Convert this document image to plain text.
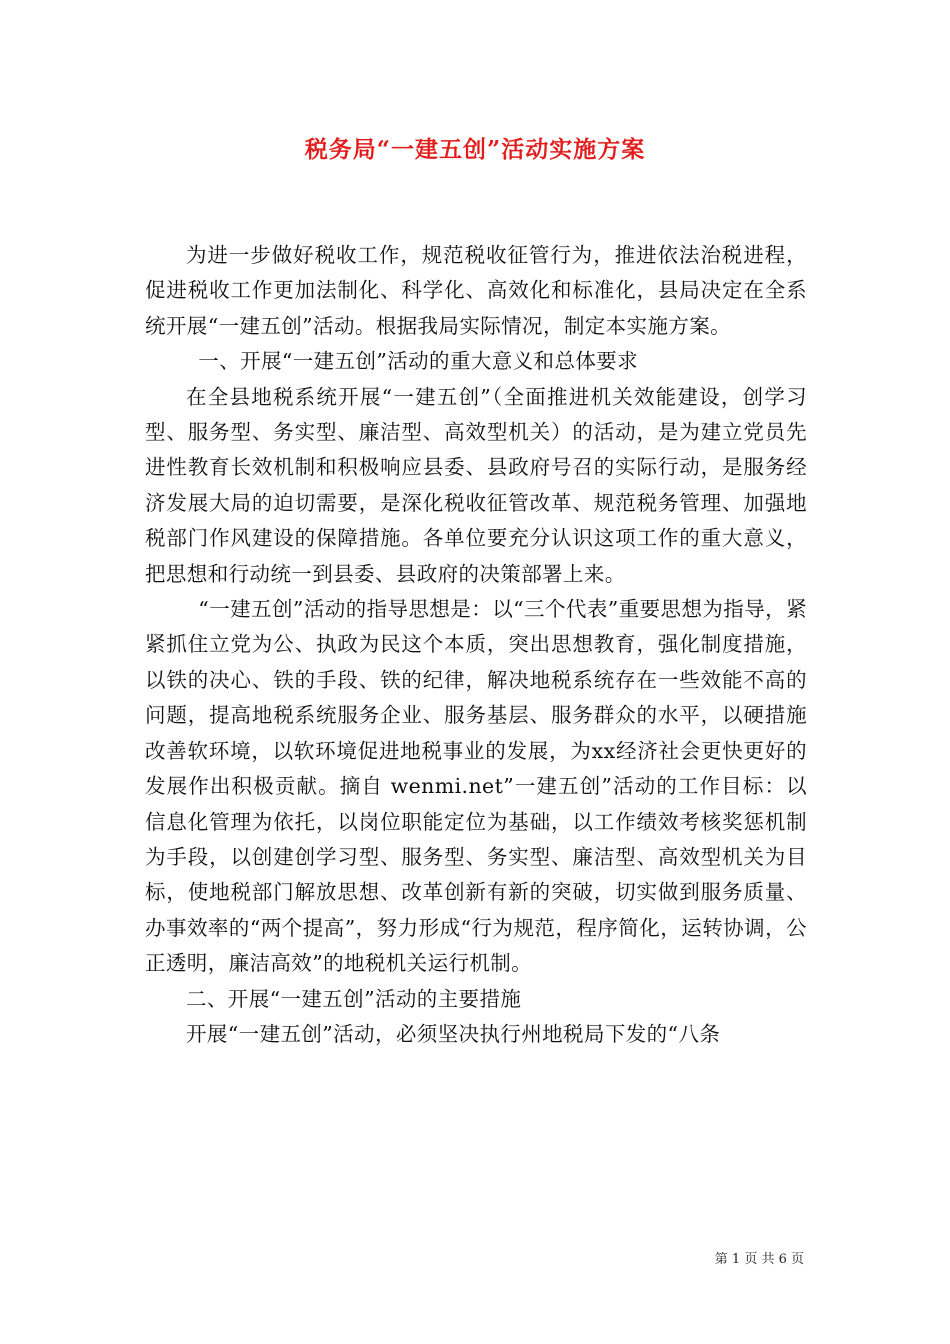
税务局“一建五创”活动实施方案

为进一步做好税收工作，规范税收征管行为，推进依法治税进程，促进税收工作更加法制化、科学化、高效化和标准化，县局决定在全系统开展“一建五创”活动。根据我局实际情况，制定本实施方案。

一、开展“一建五创”活动的重大意义和总体要求

在全县地税系统开展“一建五创”（全面推进机关效能建设，创学习型、服务型、务实型、廉洁型、高效型机关）的活动，是为建立党员先进性教育长效机制和积极响应县委、县政府号召的实际行动，是服务经济发展大局的迫切需要，是深化税收征管改革、规范税务管理、加强地税部门作风建设的保障措施。各单位要充分认识这项工作的重大意义，把思想和行动统一到县委、县政府的决策部署上来。

“一建五创”活动的指导思想是：以“三个代表”重要思想为指导，紧紧抓住立党为公、执政为民这个本质，突出思想教育，强化制度措施，以铁的决心、铁的手段、铁的纪律，解决地税系统存在一些效能不高的问题，提高地税系统服务企业、服务基层、服务群众的水平，以硬措施改善软环境，以软环境促进地税事业的发展，为xx经济社会更快更好的发展作出积极贡献。摘自 wenmi.net”一建五创”活动的工作目标：以信息化管理为依托，以岗位职能定位为基础，以工作绩效考核奖惩机制为手段，以创建创学习型、服务型、务实型、廉洁型、高效型机关为目标，使地税部门解放思想、改革创新有新的突破，切实做到服务质量、办事效率的“两个提高”，努力形成“行为规范，程序简化，运转协调，公正透明，廉洁高效”的地税机关运行机制。

二、开展“一建五创”活动的主要措施

开展“一建五创”活动，必须坚决执行州地税局下发的“八条

第 1 页 共 6 页
